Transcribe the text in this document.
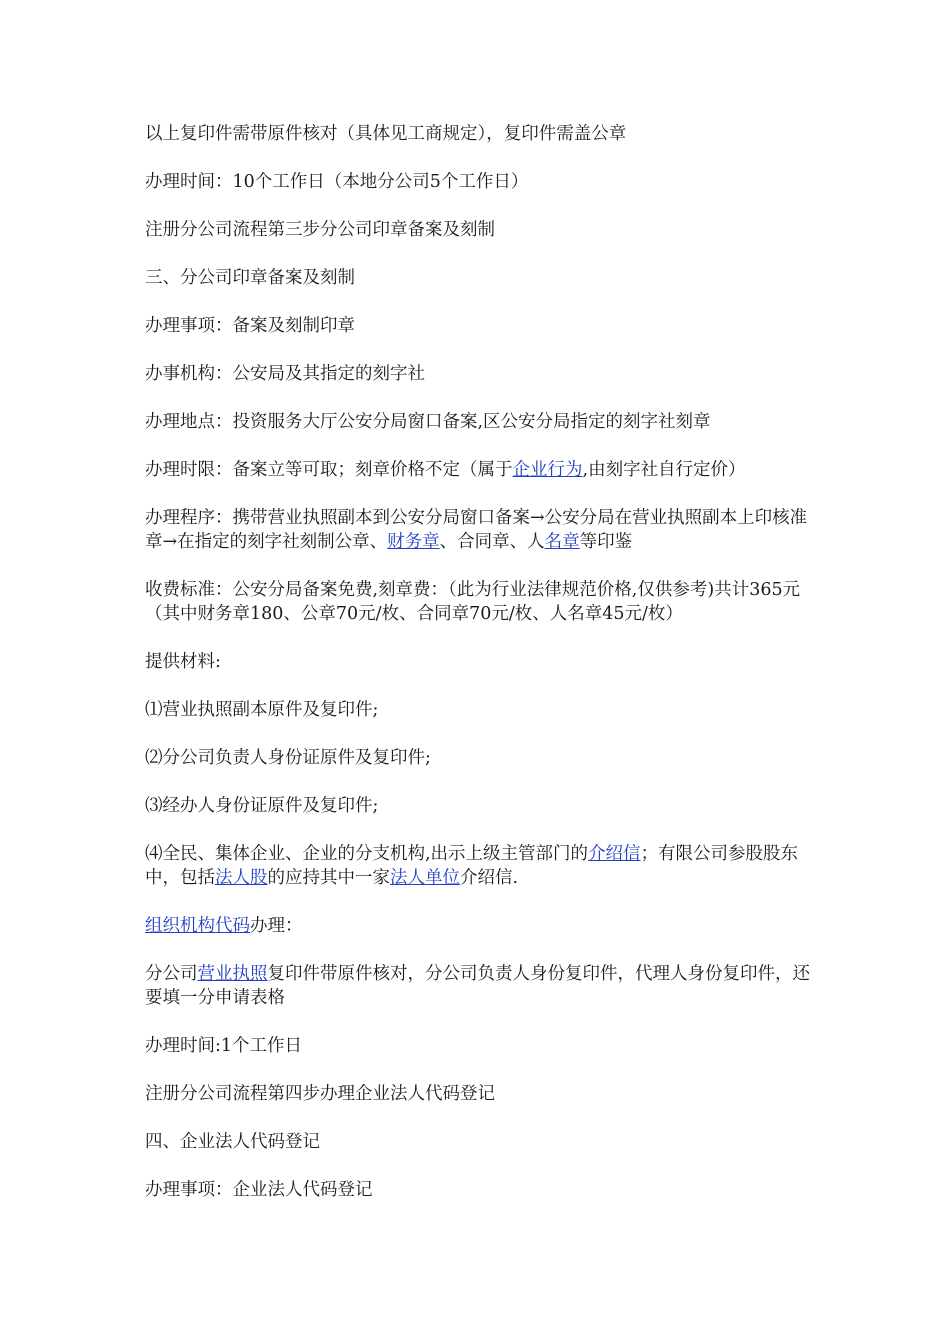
以上复印件需带原件核对（具体见工商规定），复印件需盖公章

办理时间：10个工作日（本地分公司5个工作日）

注册分公司流程第三步分公司印章备案及刻制

三、分公司印章备案及刻制

办理事项：备案及刻制印章

办事机构：公安局及其指定的刻字社

办理地点：投资服务大厅公安分局窗口备案,区公安分局指定的刻字社刻章

办理时限：备案立等可取；刻章价格不定（属于企业行为,由刻字社自行定价）

办理程序：携带营业执照副本到公安分局窗口备案→公安分局在营业执照副本上印核准章→在指定的刻字社刻制公章、财务章、合同章、人名章等印鉴

收费标准：公安分局备案免费,刻章费：（此为行业法律规范价格,仅供参考)共计365元（其中财务章180、公章70元/枚、合同章70元/枚、人名章45元/枚）

提供材料:

⑴营业执照副本原件及复印件;

⑵分公司负责人身份证原件及复印件;

⑶经办人身份证原件及复印件;

⑷全民、集体企业、企业的分支机构,出示上级主管部门的介绍信；有限公司参股股东中，包括法人股的应持其中一家法人单位介绍信.

组织机构代码办理：

分公司营业执照复印件带原件核对，分公司负责人身份复印件，代理人身份复印件，还要填一分申请表格

办理时间:1个工作日

注册分公司流程第四步办理企业法人代码登记

四、企业法人代码登记

办理事项：企业法人代码登记
